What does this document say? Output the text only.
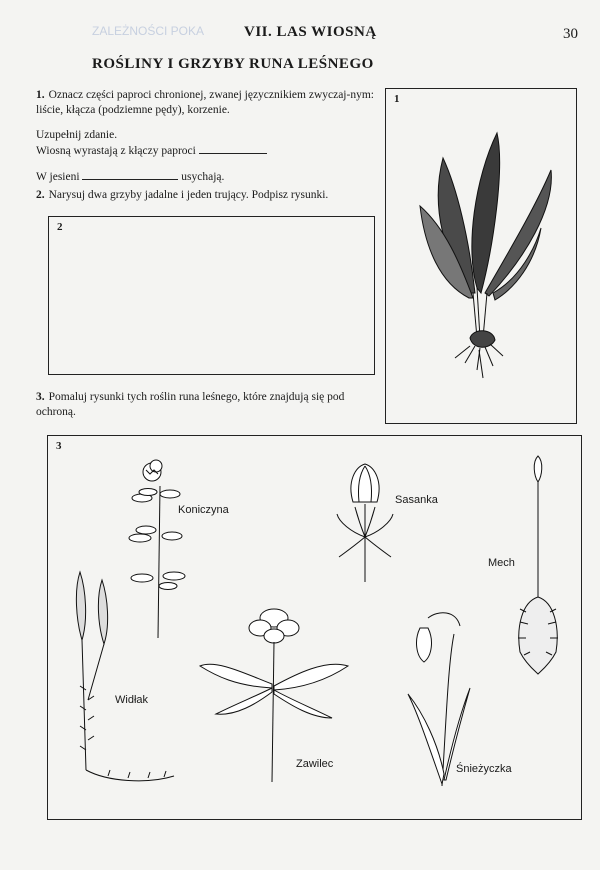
ZALEŻNOŚCI POKA	VII. LAS WIOSNĄ	30
ROŚLINY I GRZYBY RUNA LEŚNEGO
1. Oznacz części paproci chronionej, zwanej języcznikiem zwyczaj-nym: liście, kłącza (podziemne pędy), korzenie.
Uzupełnij zdanie.
Wiosną wyrastają z kłączy paproci
W jesieni	usychają.
2. Narysuj dwa grzyby jadalne i jeden trujący. Podpisz rysunki.
3. Pomaluj rysunki tych roślin runa leśnego, które znajdują się pod ochroną.
1
2
3
Koniczyna
Sasanka
Mech
Widłak
Zawilec	Śnieżyczka
